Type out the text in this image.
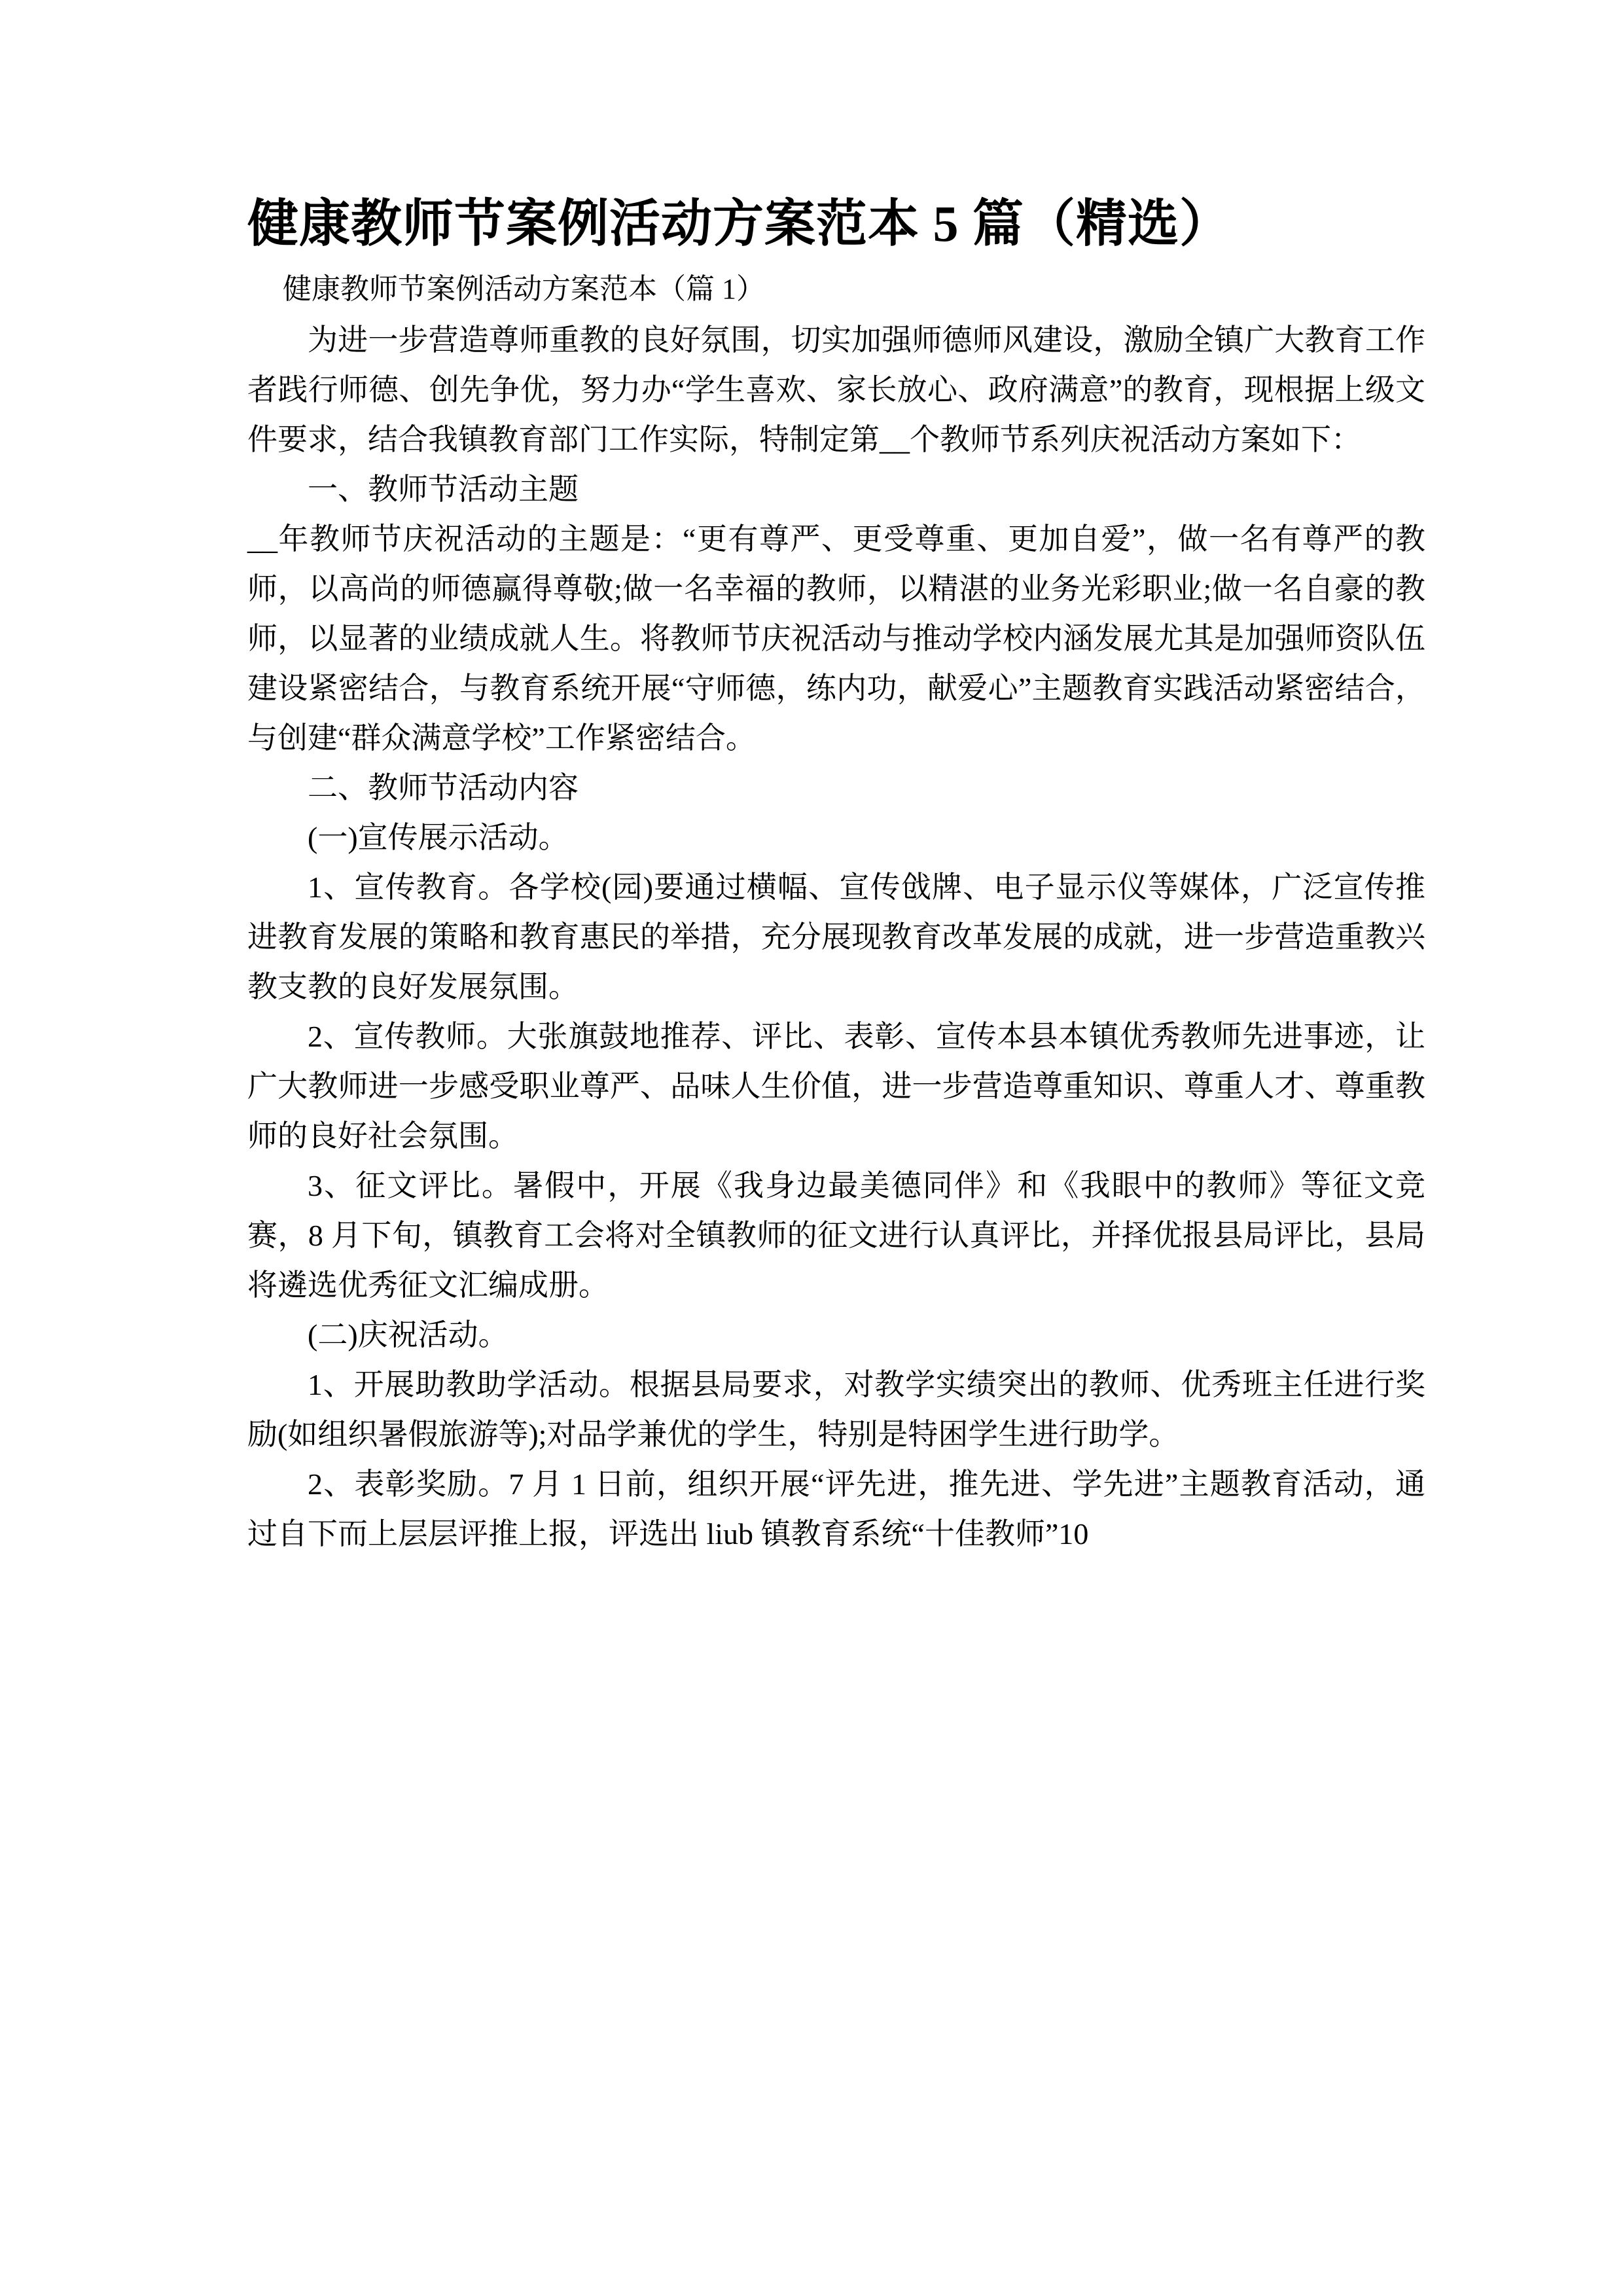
健康教师节案例活动方案范本 5 篇（精选）
健康教师节案例活动方案范本（篇 1）

为进一步营造尊师重教的良好氛围，切实加强师德师风建设，激励全镇广大教育工作者践行师德、创先争优，努力办“学生喜欢、家长放心、政府满意”的教育，现根据上级文件要求，结合我镇教育部门工作实际，特制定第__个教师节系列庆祝活动方案如下：

一、教师节活动主题

__年教师节庆祝活动的主题是：“更有尊严、更受尊重、更加自爱”，做一名有尊严的教师，以高尚的师德赢得尊敬;做一名幸福的教师，以精湛的业务光彩职业;做一名自豪的教师，以显著的业绩成就人生。将教师节庆祝活动与推动学校内涵发展尤其是加强师资队伍建设紧密结合，与教育系统开展“守师德，练内功，献爱心”主题教育实践活动紧密结合，与创建“群众满意学校”工作紧密结合。

二、教师节活动内容

(一)宣传展示活动。

1、宣传教育。各学校(园)要通过横幅、宣传戗牌、电子显示仪等媒体，广泛宣传推进教育发展的策略和教育惠民的举措，充分展现教育改革发展的成就，进一步营造重教兴教支教的良好发展氛围。

2、宣传教师。大张旗鼓地推荐、评比、表彰、宣传本县本镇优秀教师先进事迹，让广大教师进一步感受职业尊严、品味人生价值，进一步营造尊重知识、尊重人才、尊重教师的良好社会氛围。

3、征文评比。暑假中，开展《我身边最美德同伴》和《我眼中的教师》等征文竞赛，8 月下旬，镇教育工会将对全镇教师的征文进行认真评比，并择优报县局评比，县局将遴选优秀征文汇编成册。

(二)庆祝活动。

1、开展助教助学活动。根据县局要求，对教学实绩突出的教师、优秀班主任进行奖励(如组织暑假旅游等);对品学兼优的学生，特别是特困学生进行助学。

2、表彰奖励。7 月 1 日前，组织开展“评先进，推先进、学先进”主题教育活动，通过自下而上层层评推上报，评选出 liub 镇教育系统“十佳教师”10
